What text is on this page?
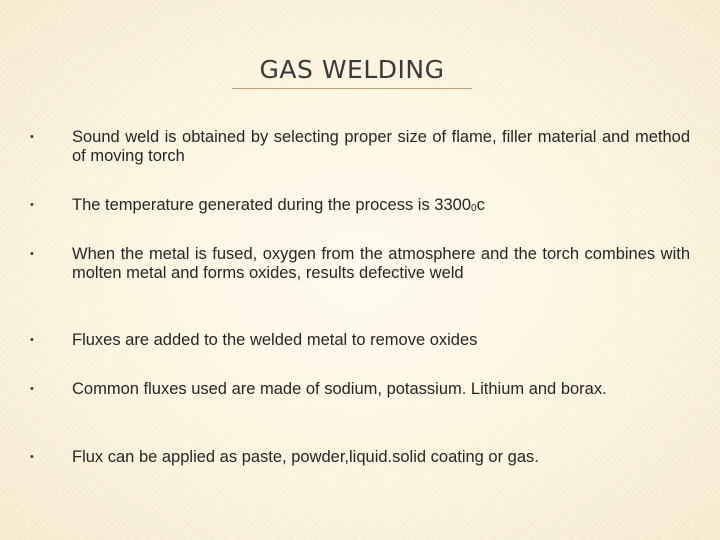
GAS WELDING
•	Sound weld is obtained by selecting proper size of flame, filler material and method of moving torch
•	The temperature generated during the process is 33000c
•	When the metal is fused, oxygen from the atmosphere and the torch combines with molten metal and forms oxides, results defective weld
•	Fluxes are added to the welded metal to remove oxides
•	Common fluxes used are made of sodium, potassium. Lithium and borax.
•	Flux can be applied as paste, powder,liquid.solid coating or gas.
